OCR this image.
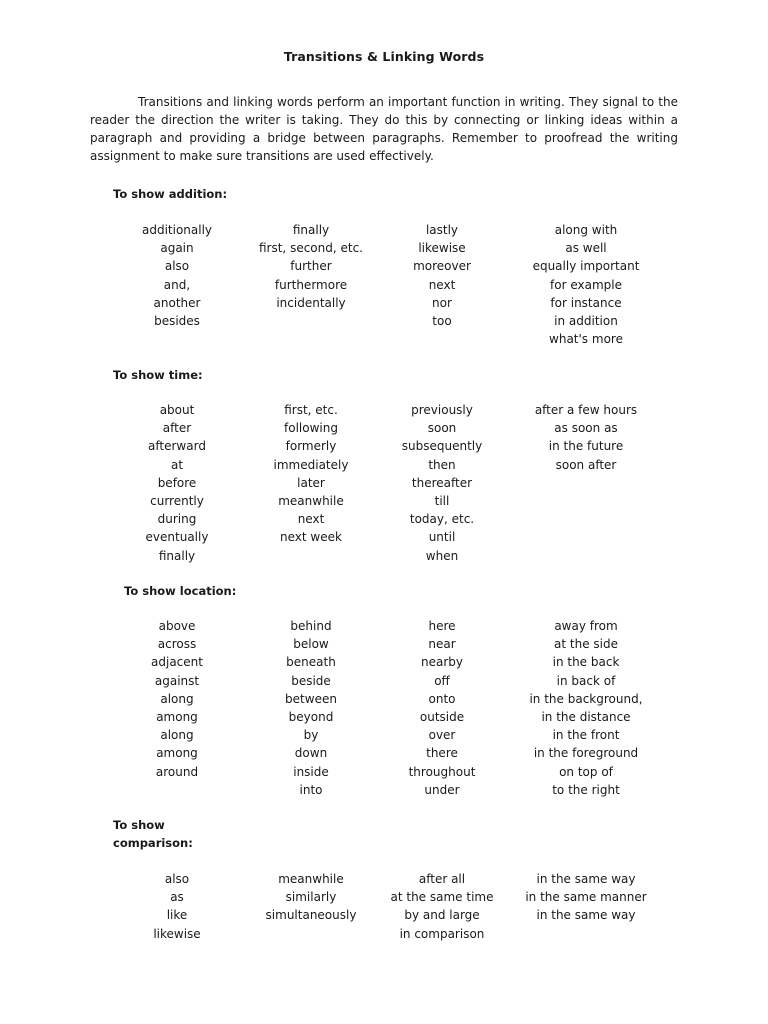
Transitions & Linking Words

Transitions and linking words perform an important function in writing. They signal to the reader the direction the writer is taking. They do this by connecting or linking ideas within a paragraph and providing a bridge between paragraphs. Remember to proofread the writing assignment to make sure transitions are used effectively.

To show addition:
additionally
again
also
and,
another
besides
finally
first, second, etc.
further
furthermore
incidentally
lastly
likewise
moreover
next
nor
too
along with
as well
equally important
for example
for instance
in addition
what's more
To show time:
about
after
afterward
at
before
currently
during
eventually
finally
first, etc.
following
formerly
immediately
later
meanwhile
next
next week
previously
soon
subsequently
then
thereafter
till
today, etc.
until
when
after a few hours
as soon as
in the future
soon after
To show location:
above
across
adjacent
against
along
among
along
among
around
behind
below
beneath
beside
between
beyond
by
down
inside
into
here
near
nearby
off
onto
outside
over
there
throughout
under
away from
at the side
in the back
in back of
in the background,
in the distance
in the front
in the foreground
on top of
to the right
To show
comparison:
also
as
like
likewise
meanwhile
similarly
simultaneously
after all
at the same time
by and large
in comparison
in the same way
in the same manner
in the same way
